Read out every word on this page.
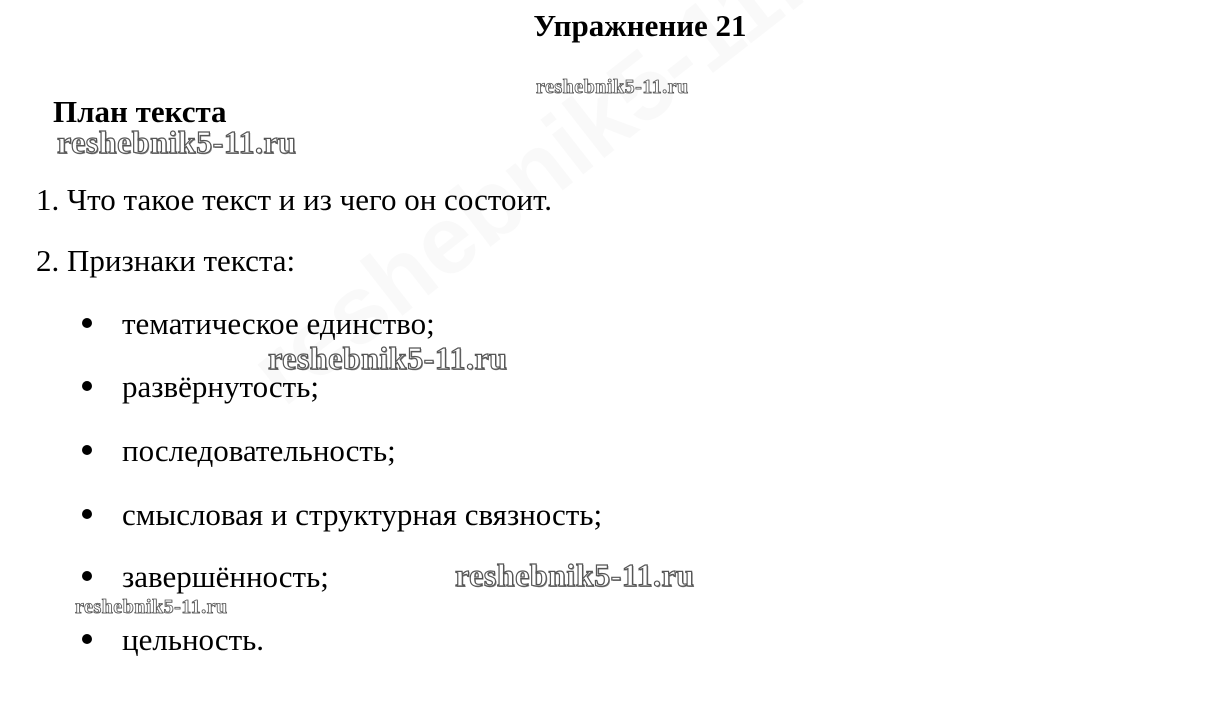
Упражнение 21
reshebnik5-11.ru
План текста
reshebnik5-11.ru
1. Что такое текст и из чего он состоит.
2. Признаки текста:
тематическое единство;
развёрнутость;
последовательность;
смысловая и структурная связность;
завершённость;
цельность.
reshebnik5-11.ru
reshebnik5-11.ru
reshebnik5-11.ru
